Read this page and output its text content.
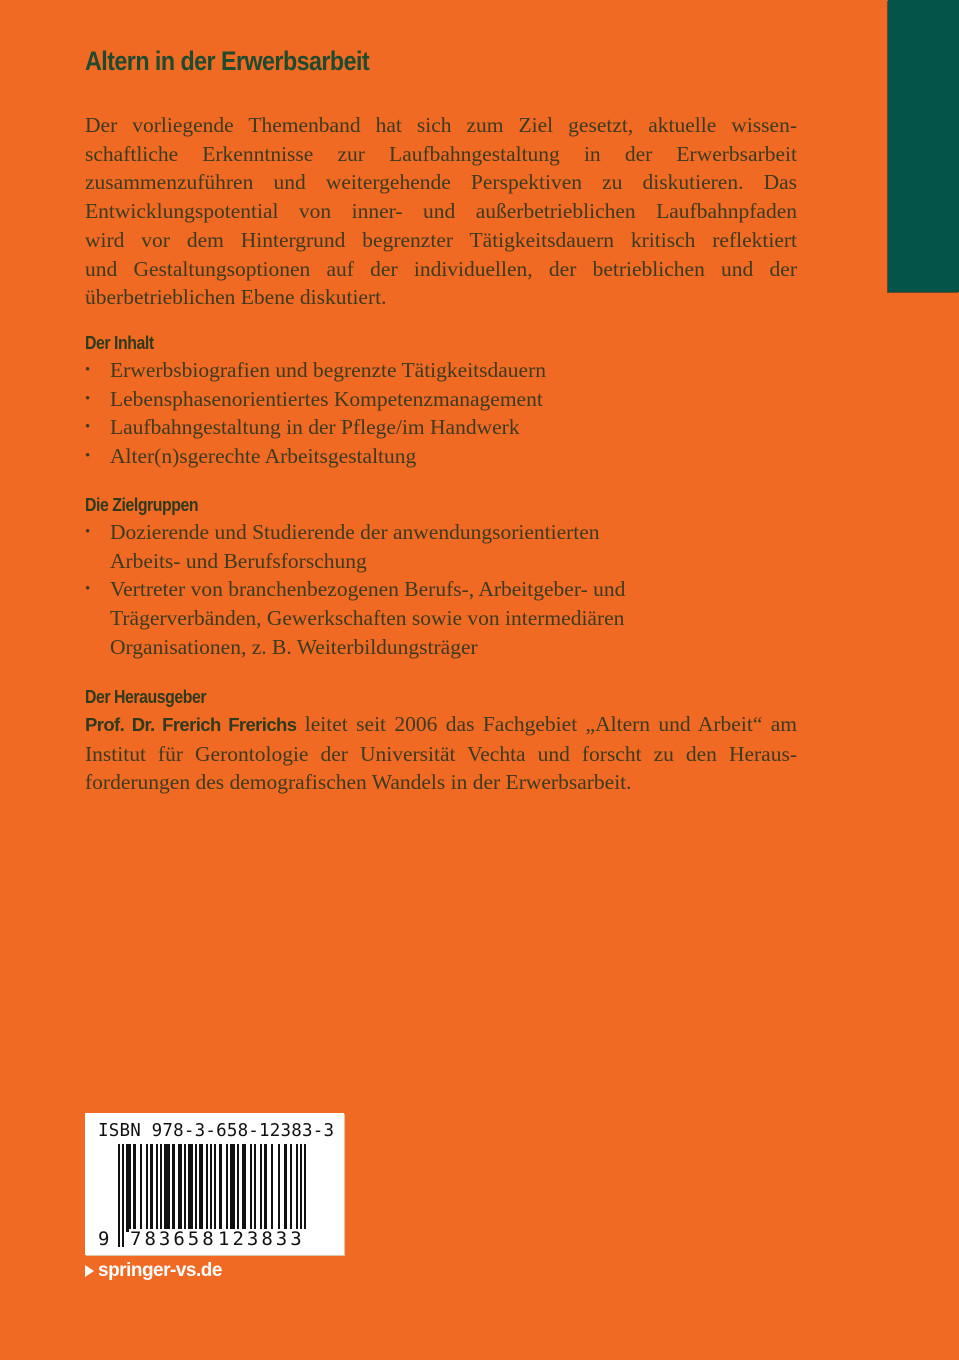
Altern in der Erwerbsarbeit

Der vorliegende Themenband hat sich zum Ziel gesetzt, aktuelle wissen-
schaftliche Erkenntnisse zur Laufbahngestaltung in der Erwerbsarbeit
zusammenzuführen und weitergehende Perspektiven zu diskutieren. Das
Entwicklungspotential von inner- und außerbetrieblichen Laufbahnpfaden
wird vor dem Hintergrund begrenzter Tätigkeitsdauern kritisch reflektiert
und Gestaltungsoptionen auf der individuellen, der betrieblichen und der
überbetrieblichen Ebene diskutiert.

Der Inhalt
• Erwerbsbiografien und begrenzte Tätigkeitsdauern
• Lebensphasenorientiertes Kompetenzmanagement
• Laufbahngestaltung in der Pflege/im Handwerk
• Alter(n)sgerechte Arbeitsgestaltung
Die Zielgruppen
• Dozierende und Studierende der anwendungsorientierten
Arbeits- und Berufsforschung
• Vertreter von branchenbezogenen Berufs-, Arbeitgeber- und
Trägerverbänden, Gewerkschaften sowie von intermediären
Organisationen, z. B. Weiterbildungsträger
Der Herausgeber
Prof. Dr. Frerich Frerichs leitet seit 2006 das Fachgebiet „Altern und Arbeit“ am
Institut für Gerontologie der Universität Vechta und forscht zu den Heraus-
forderungen des demografischen Wandels in der Erwerbsarbeit.
ISBN 978-3-658-12383-3
9 783658 123833
springer-vs.de
